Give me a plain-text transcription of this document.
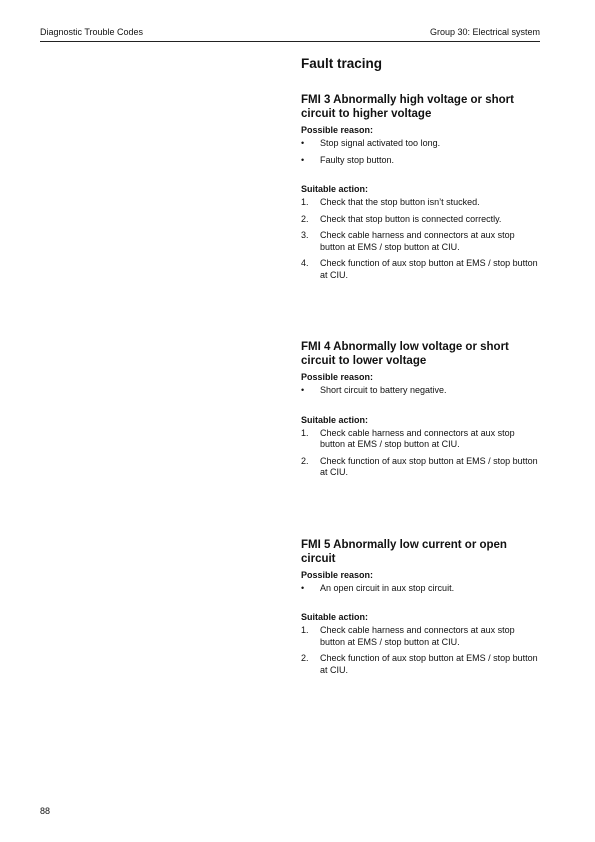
Diagnostic Trouble Codes	Group 30: Electrical system
Fault tracing
FMI 3 Abnormally high voltage or short circuit to higher voltage
Possible reason:
• Stop signal activated too long.
• Faulty stop button.
Suitable action:
1. Check that the stop button isn’t stucked.
2. Check that stop button is connected correctly.
3. Check cable harness and connectors at aux stop button at EMS / stop button at CIU.
4. Check function of aux stop button at EMS / stop button at CIU.
FMI 4 Abnormally low voltage or short circuit to lower voltage
Possible reason:
• Short circuit to battery negative.
Suitable action:
1. Check cable harness and connectors at aux stop button at EMS / stop button at CIU.
2. Check function of aux stop button at EMS / stop button at CIU.
FMI 5 Abnormally low current or open circuit
Possible reason:
• An open circuit in aux stop circuit.
Suitable action:
1. Check cable harness and connectors at aux stop button at EMS / stop button at CIU.
2. Check function of aux stop button at EMS / stop button at CIU.
88
